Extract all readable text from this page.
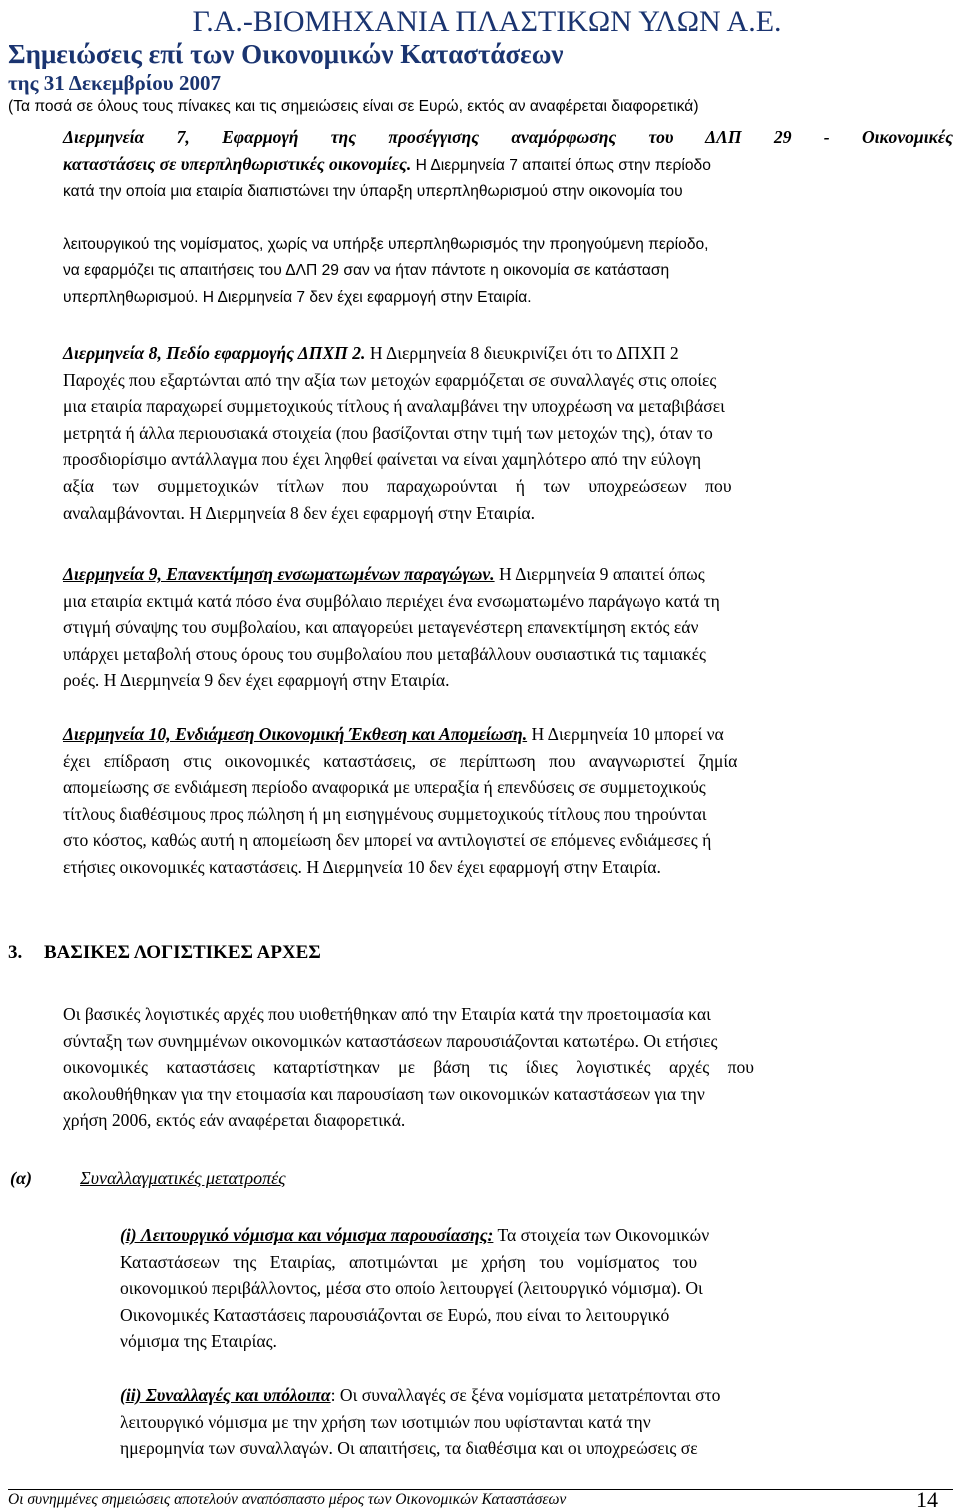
Γ.Α.-ΒΙΟΜΗΧΑΝΙΑ ΠΛΑΣΤΙΚΩΝ ΥΛΩΝ Α.Ε.
Σημειώσεις επί των Οικονομικών Καταστάσεων
της 31 Δεκεμβρίου 2007
(Τα ποσά σε όλους τους πίνακες και τις σημειώσεις είναι σε Ευρώ, εκτός αν αναφέρεται διαφορετικά)
Διερμηνεία 7, Εφαρμογή της προσέγγισης αναμόρφωσης του ΔΛΠ 29 - Οικονομικές
καταστάσεις σε υπερπληθωριστικές οικονομίες. Η Διερμηνεία 7 απαιτεί όπως στην περίοδο
κατά την οποία μια εταιρία διαπιστώνει την ύπαρξη υπερπληθωρισμού στην οικονομία του
λειτουργικού της νομίσματος, χωρίς να υπήρξε υπερπληθωρισμός την προηγούμενη περίοδο,
να εφαρμόζει τις απαιτήσεις του ΔΛΠ 29 σαν να ήταν πάντοτε η οικονομία σε κατάσταση
υπερπληθωρισμού. Η Διερμηνεία 7 δεν έχει εφαρμογή στην Εταιρία.
Διερμηνεία 8, Πεδίο εφαρμογής ΔΠΧΠ 2. Η Διερμηνεία 8 διευκρινίζει ότι το ΔΠΧΠ 2
Παροχές που εξαρτώνται από την αξία των μετοχών εφαρμόζεται σε συναλλαγές στις οποίες
μια εταιρία παραχωρεί συμμετοχικούς τίτλους ή αναλαμβάνει την υποχρέωση να μεταβιβάσει
μετρητά ή άλλα περιουσιακά στοιχεία (που βασίζονται στην τιμή των μετοχών της), όταν το
προσδιορίσιμο αντάλλαγμα που έχει ληφθεί φαίνεται να είναι χαμηλότερο από την εύλογη
αξία των συμμετοχικών τίτλων που παραχωρούνται ή των υποχρεώσεων που
αναλαμβάνονται. Η Διερμηνεία 8 δεν έχει εφαρμογή στην Εταιρία.
Διερμηνεία 9, Επανεκτίμηση ενσωματωμένων παραγώγων. Η Διερμηνεία 9 απαιτεί όπως
μια εταιρία εκτιμά κατά πόσο ένα συμβόλαιο περιέχει ένα ενσωματωμένο παράγωγο κατά τη
στιγμή σύναψης του συμβολαίου, και απαγορεύει μεταγενέστερη επανεκτίμηση εκτός εάν
υπάρχει μεταβολή στους όρους του συμβολαίου που μεταβάλλουν ουσιαστικά τις ταμιακές
ροές. Η Διερμηνεία 9 δεν έχει εφαρμογή στην Εταιρία.
Διερμηνεία 10, Ενδιάμεση Οικονομική Έκθεση και Απομείωση. Η Διερμηνεία 10 μπορεί να
έχει επίδραση στις οικονομικές καταστάσεις, σε περίπτωση που αναγνωριστεί ζημία
απομείωσης σε ενδιάμεση περίοδο αναφορικά με υπεραξία ή επενδύσεις σε συμμετοχικούς
τίτλους διαθέσιμους προς πώληση ή μη εισηγμένους συμμετοχικούς τίτλους που τηρούνται
στο κόστος, καθώς αυτή η απομείωση δεν μπορεί να αντιλογιστεί σε επόμενες ενδιάμεσες ή
ετήσιες οικονομικές καταστάσεις. Η Διερμηνεία 10 δεν έχει εφαρμογή στην Εταιρία.
3. ΒΑΣΙΚΕΣ ΛΟΓΙΣΤΙΚΕΣ ΑΡΧΕΣ
Οι βασικές λογιστικές αρχές που υιοθετήθηκαν από την Εταιρία κατά την προετοιμασία και
σύνταξη των συνημμένων οικονομικών καταστάσεων παρουσιάζονται κατωτέρω. Οι ετήσιες
οικονομικές καταστάσεις καταρτίστηκαν με βάση τις ίδιες λογιστικές αρχές που
ακολουθήθηκαν για την ετοιμασία και παρουσίαση των οικονομικών καταστάσεων για την
χρήση 2006, εκτός εάν αναφέρεται διαφορετικά.
(α)	Συναλλαγματικές μετατροπές
(i) Λειτουργικό νόμισμα και νόμισμα παρουσίασης: Τα στοιχεία των Οικονομικών
Καταστάσεων της Εταιρίας, αποτιμώνται με χρήση του νομίσματος του
οικονομικού περιβάλλοντος, μέσα στο οποίο λειτουργεί (λειτουργικό νόμισμα). Οι
Οικονομικές Καταστάσεις παρουσιάζονται σε Ευρώ, που είναι το λειτουργικό
νόμισμα της Εταιρίας.
(ii) Συναλλαγές και υπόλοιπα: Οι συναλλαγές σε ξένα νομίσματα μετατρέπονται στο
λειτουργικό νόμισμα με την χρήση των ισοτιμιών που υφίστανται κατά την
ημερομηνία των συναλλαγών. Οι απαιτήσεις, τα διαθέσιμα και οι υποχρεώσεις σε
Οι συνημμένες σημειώσεις αποτελούν αναπόσπαστο μέρος των Οικονομικών Καταστάσεων	14
